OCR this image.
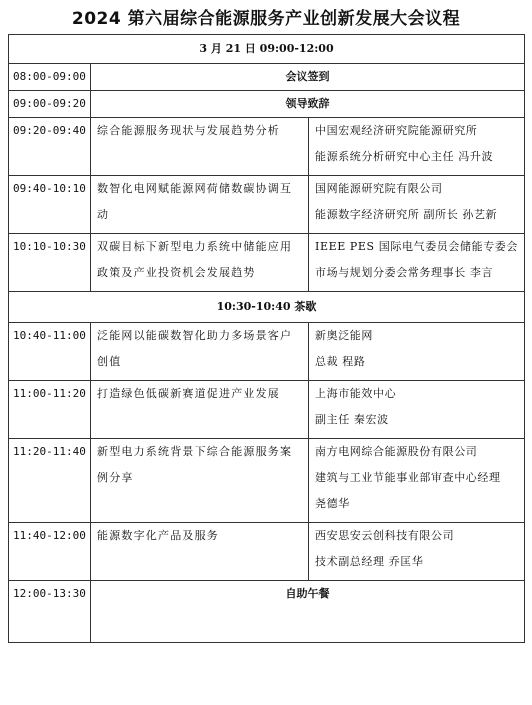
2024 第六届综合能源服务产业创新发展大会议程
3 月 21 日 09:00-12:00		
08:00-09:00	会议签到	
09:00-09:20	领导致辞	
09:20-09:40	综合能源服务现状与发展趋势分析	中国宏观经济研究院能源研究所
能源系统分析研究中心主任 冯升波

09:40-10:10	数智化电网赋能源网荷储数碳协调互动	国网能源研究院有限公司
能源数字经济研究所 副所长 孙艺新

10:10-10:30	双碳目标下新型电力系统中储能应用政策及产业投资机会发展趋势	IEEE PES 国际电气委员会储能专委会
市场与规划分委会常务理事长 李言

10:30-10:40 茶歇		
10:40-11:00	泛能网以能碳数智化助力多场景客户创值	新奥泛能网
总裁 程路

11:00-11:20	打造绿色低碳新赛道促进产业发展	上海市能效中心
副主任 秦宏波

11:20-11:40	新型电力系统背景下综合能源服务案例分享	南方电网综合能源股份有限公司
建筑与工业节能事业部审查中心经理
尧德华

11:40-12:00	能源数字化产品及服务	西安思安云创科技有限公司
技术副总经理 乔匡华

12:00-13:30	自助午餐	
